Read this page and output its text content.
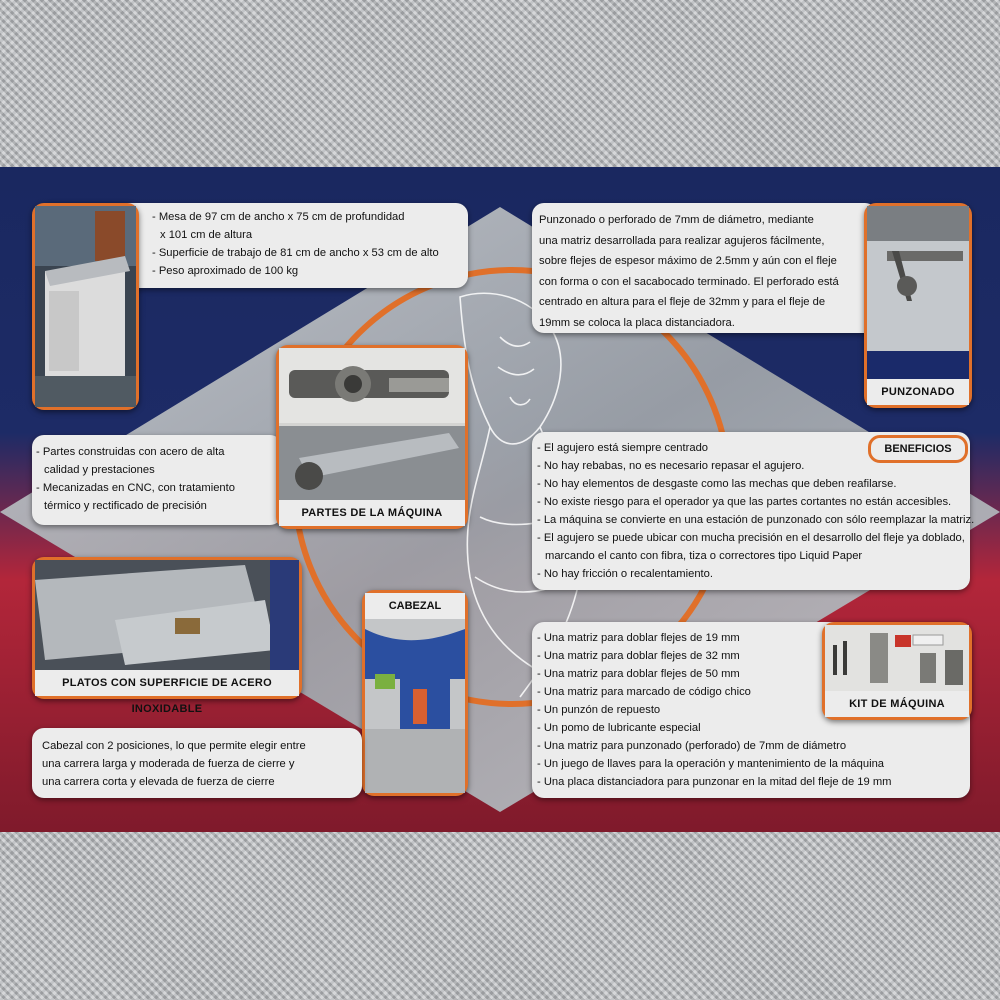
- Mesa de 97 cm de ancho x 75 cm de profundidad

x 101 cm de altura

- Superficie de trabajo de 81 cm de ancho x 53 cm de alto

- Peso aproximado de 100 kg

- Partes construidas con acero de alta

calidad y prestaciones

- Mecanizadas en CNC, con tratamiento

térmico y rectificado de precisión

PARTES DE LA MÁQUINA
PLATOS CON SUPERFICIE DE ACERO INOXIDABLE
CABEZAL

Cabezal con 2 posiciones, lo que permite elegir entre

una carrera larga y moderada de fuerza de cierre y

una carrera corta y elevada de fuerza de cierre

Punzonado o perforado de 7mm de diámetro, mediante

una matriz desarrollada para realizar agujeros fácilmente,

sobre flejes de espesor máximo de 2.5mm y aún con el fleje

con forma o con el sacabocado terminado. El perforado está

centrado en altura para el fleje de 32mm y para el fleje de

19mm se coloca la placa distanciadora.

PUNZONADO
BENEFICIOS

- El agujero está siempre centrado

- No hay rebabas, no es necesario repasar el agujero.

- No hay elementos de desgaste como las mechas que deben reafilarse.

- No existe riesgo para el operador ya que las partes cortantes no están accesibles.

- La máquina se convierte en una estación de punzonado con sólo reemplazar la matriz.

- El agujero se puede ubicar con mucha precisión en el desarrollo del fleje ya doblado,

marcando el canto con fibra, tiza o correctores tipo Liquid Paper

- No hay fricción o recalentamiento.

- Una matriz para doblar flejes de 19 mm

- Una matriz para doblar flejes de 32 mm

- Una matriz para doblar flejes de 50 mm

- Una matriz para marcado de código chico

- Un punzón de repuesto

- Un pomo de lubricante especial

- Una matriz para punzonado (perforado) de 7mm de diámetro

- Un juego de llaves para la operación y mantenimiento de la máquina

- Una placa distanciadora para punzonar en la mitad del fleje de 19 mm

KIT DE MÁQUINA
